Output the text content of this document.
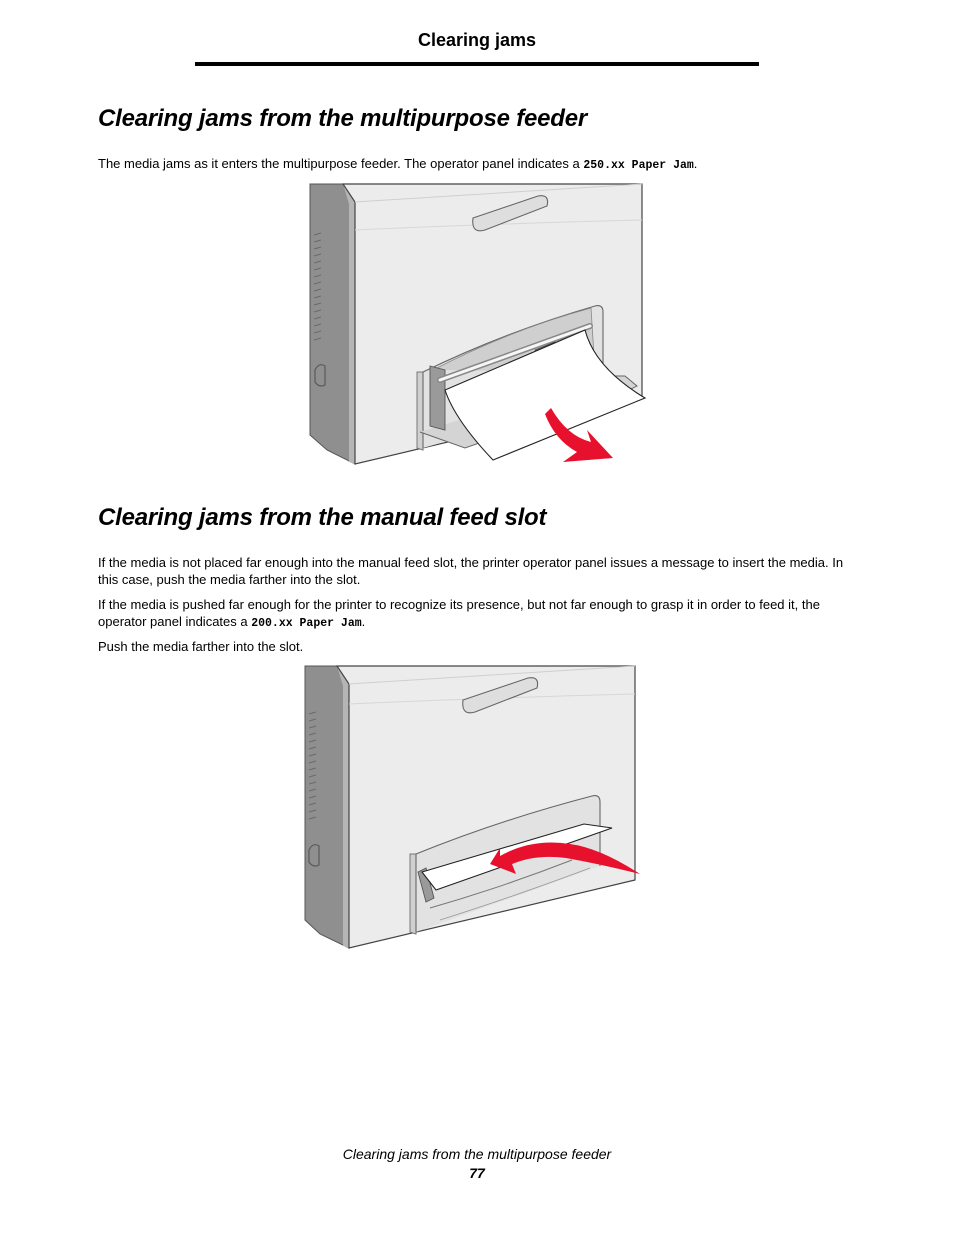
Clearing jams
Clearing jams from the multipurpose feeder

The media jams as it enters the multipurpose feeder. The operator panel indicates a 250.xx Paper Jam.

Clearing jams from the manual feed slot

If the media is not placed far enough into the manual feed slot, the printer operator panel issues a message to insert the media. In this case, push the media farther into the slot.

If the media is pushed far enough for the printer to recognize its presence, but not far enough to grasp it in order to feed it, the operator panel indicates a 200.xx Paper Jam.

Push the media farther into the slot.

Clearing jams from the multipurpose feeder
77
